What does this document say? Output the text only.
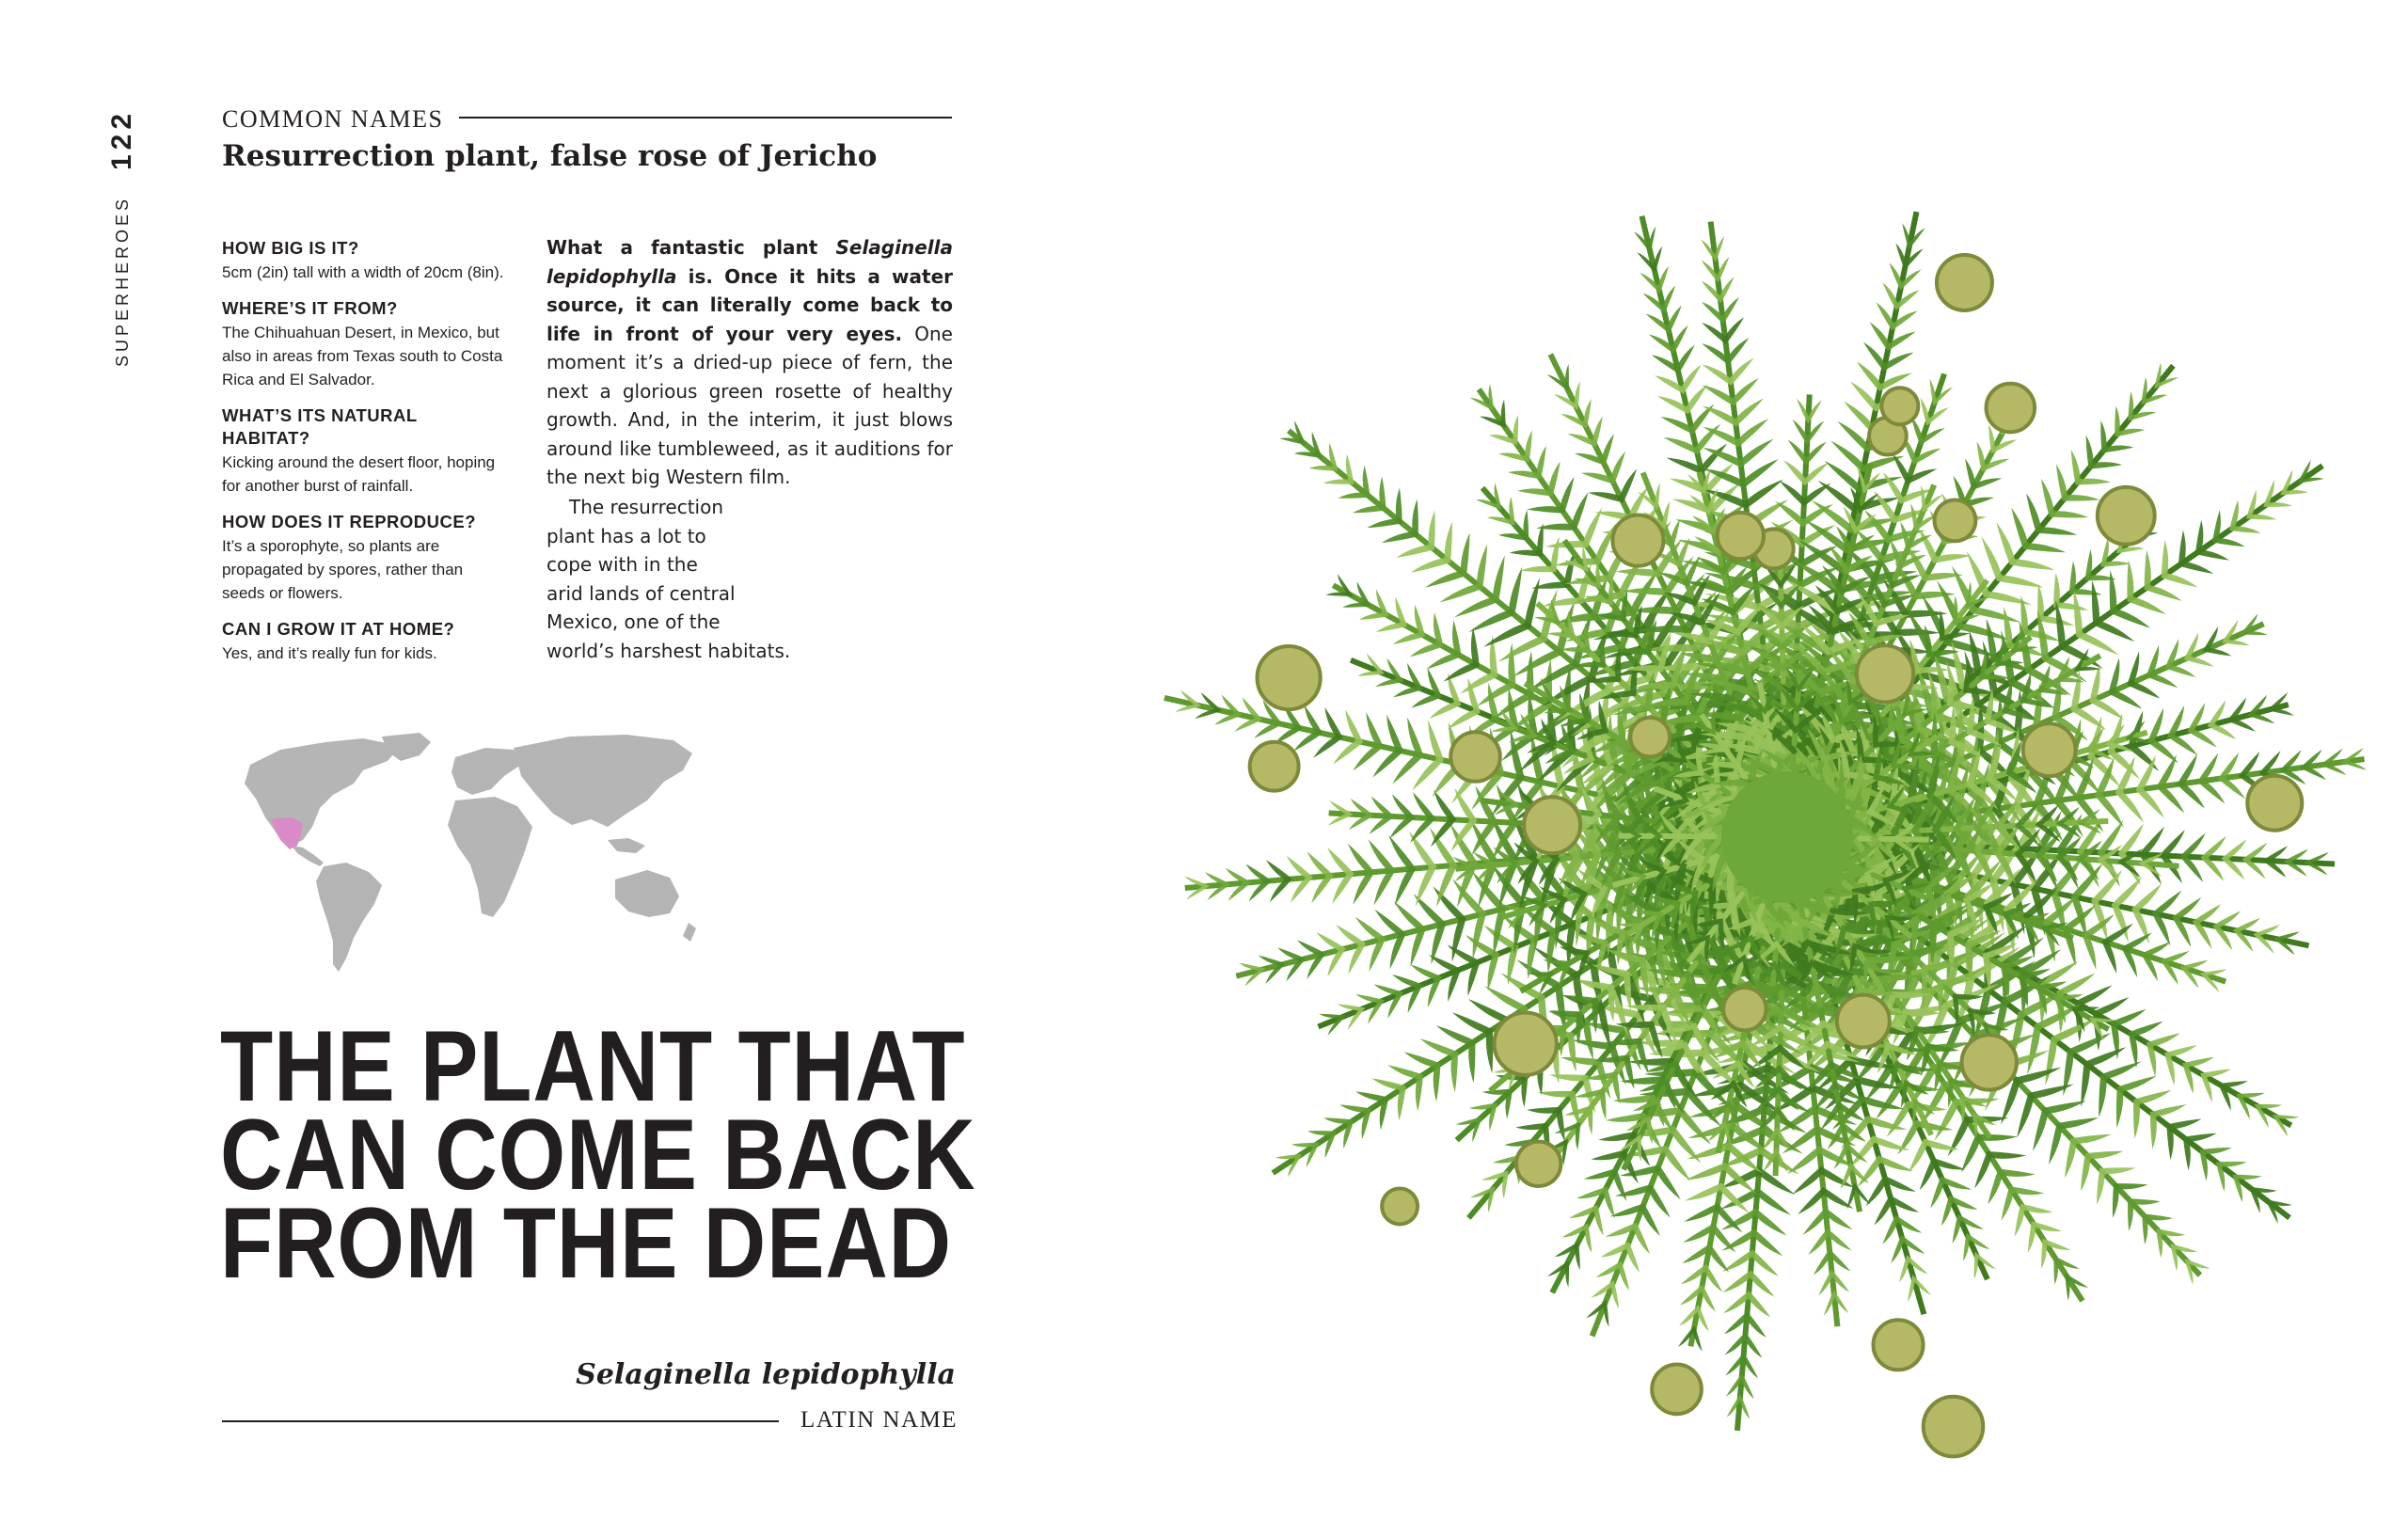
122
SUPERHEROES
COMMON NAMES
Resurrection plant, false rose of Jericho
HOW BIG IS IT?
5cm (2in) tall with a width of 20cm (8in).
WHERE’S IT FROM?
The Chihuahuan Desert, in Mexico, but also in areas from Texas south to Costa Rica and El Salvador.
WHAT’S ITS NATURAL HABITAT?
Kicking around the desert floor, hoping for another burst of rainfall.
HOW DOES IT REPRODUCE?
It’s a sporophyte, so plants are propagated by spores, rather than seeds or flowers.
CAN I GROW IT AT HOME?
Yes, and it’s really fun for kids.
What a fantastic plant Selaginella lepidophylla is. Once it hits a water source, it can literally come back to life in front of your very eyes. One moment it’s a dried-up piece of fern, the next a glorious green rosette of healthy growth. And, in the interim, it just blows around like tumbleweed, as it auditions for the next big Western film.
The resurrection
plant has a lot to
cope with in the
arid lands of central
Mexico, one of the
world’s harshest habitats.
THE PLANT THAT
CAN COME BACK
FROM THE DEAD
Selaginella lepidophylla
LATIN NAME
